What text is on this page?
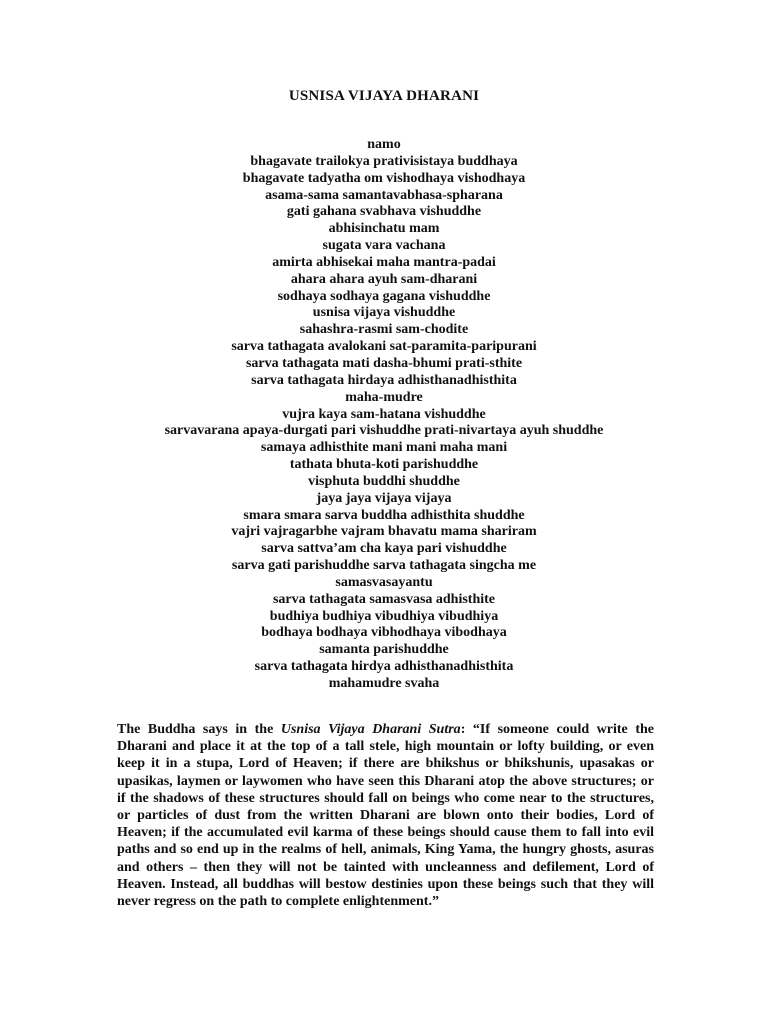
USNISA VIJAYA DHARANI
namo
bhagavate trailokya prativisistaya buddhaya
bhagavate tadyatha om vishodhaya vishodhaya
asama-sama samantavabhasa-spharana
gati gahana svabhava vishuddhe
abhisinchatu mam
sugata vara vachana
amirta abhisekai maha mantra-padai
ahara ahara ayuh sam-dharani
sodhaya sodhaya gagana vishuddhe
usnisa vijaya vishuddhe
sahashra-rasmi sam-chodite
sarva tathagata avalokani sat-paramita-paripurani
sarva tathagata mati dasha-bhumi prati-sthite
sarva tathagata hirdaya adhisthanadhisthita
maha-mudre
vujra kaya sam-hatana vishuddhe
sarvavarana apaya-durgati pari vishuddhe prati-nivartaya ayuh shuddhe
samaya adhisthite mani mani maha mani
tathata bhuta-koti parishuddhe
visphuta buddhi shuddhe
jaya jaya vijaya vijaya
smara smara sarva buddha adhisthita shuddhe
vajri vajragarbhe vajram bhavatu mama shariram
sarva sattva’am cha kaya pari vishuddhe
sarva gati parishuddhe sarva tathagata singcha me
samasvasayantu
sarva tathagata samasvasa adhisthite
budhiya budhiya vibudhiya vibudhiya
bodhaya bodhaya vibhodhaya vibodhaya
samanta parishuddhe
sarva tathagata hirdya adhisthanadhisthita
mahamudre svaha

The Buddha says in the Usnisa Vijaya Dharani Sutra: “If someone could write the Dharani and place it at the top of a tall stele, high mountain or lofty building, or even keep it in a stupa, Lord of Heaven; if there are bhikshus or bhikshunis, upasakas or upasikas, laymen or laywomen who have seen this Dharani atop the above structures; or if the shadows of these structures should fall on beings who come near to the structures, or particles of dust from the written Dharani are blown onto their bodies, Lord of Heaven; if the accumulated evil karma of these beings should cause them to fall into evil paths and so end up in the realms of hell, animals, King Yama, the hungry ghosts, asuras and others – then they will not be tainted with uncleanness and defilement, Lord of Heaven. Instead, all buddhas will bestow destinies upon these beings such that they will never regress on the path to complete enlightenment.”
